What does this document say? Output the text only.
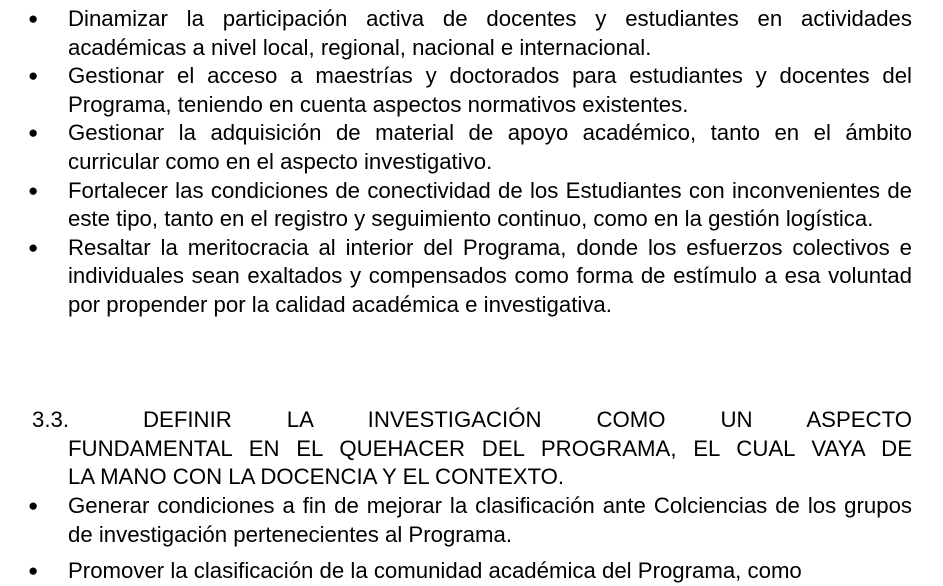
● Dinamizar la participación activa de docentes y estudiantes en actividades académicas a nivel local, regional, nacional e internacional.
● Gestionar el acceso a maestrías y doctorados para estudiantes y docentes del Programa, teniendo en cuenta aspectos normativos existentes.
● Gestionar la adquisición de material de apoyo académico, tanto en el ámbito curricular como en el aspecto investigativo.
● Fortalecer las condiciones de conectividad de los Estudiantes con inconvenientes de este tipo, tanto en el registro y seguimiento continuo, como en la gestión logística.
● Resaltar la meritocracia al interior del Programa, donde los esfuerzos colectivos e individuales sean exaltados y compensados como forma de estímulo a esa voluntad por propender por la calidad académica e investigativa.
3.3.	DEFINIR LA INVESTIGACIÓN COMO UN ASPECTO
FUNDAMENTAL EN EL QUEHACER DEL PROGRAMA, EL CUAL VAYA DE
LA MANO CON LA DOCENCIA Y EL CONTEXTO.
● Generar condiciones a fin de mejorar la clasificación ante Colciencias de los grupos de investigación pertenecientes al Programa.
● Promover la clasificación de la comunidad académica del Programa, como
